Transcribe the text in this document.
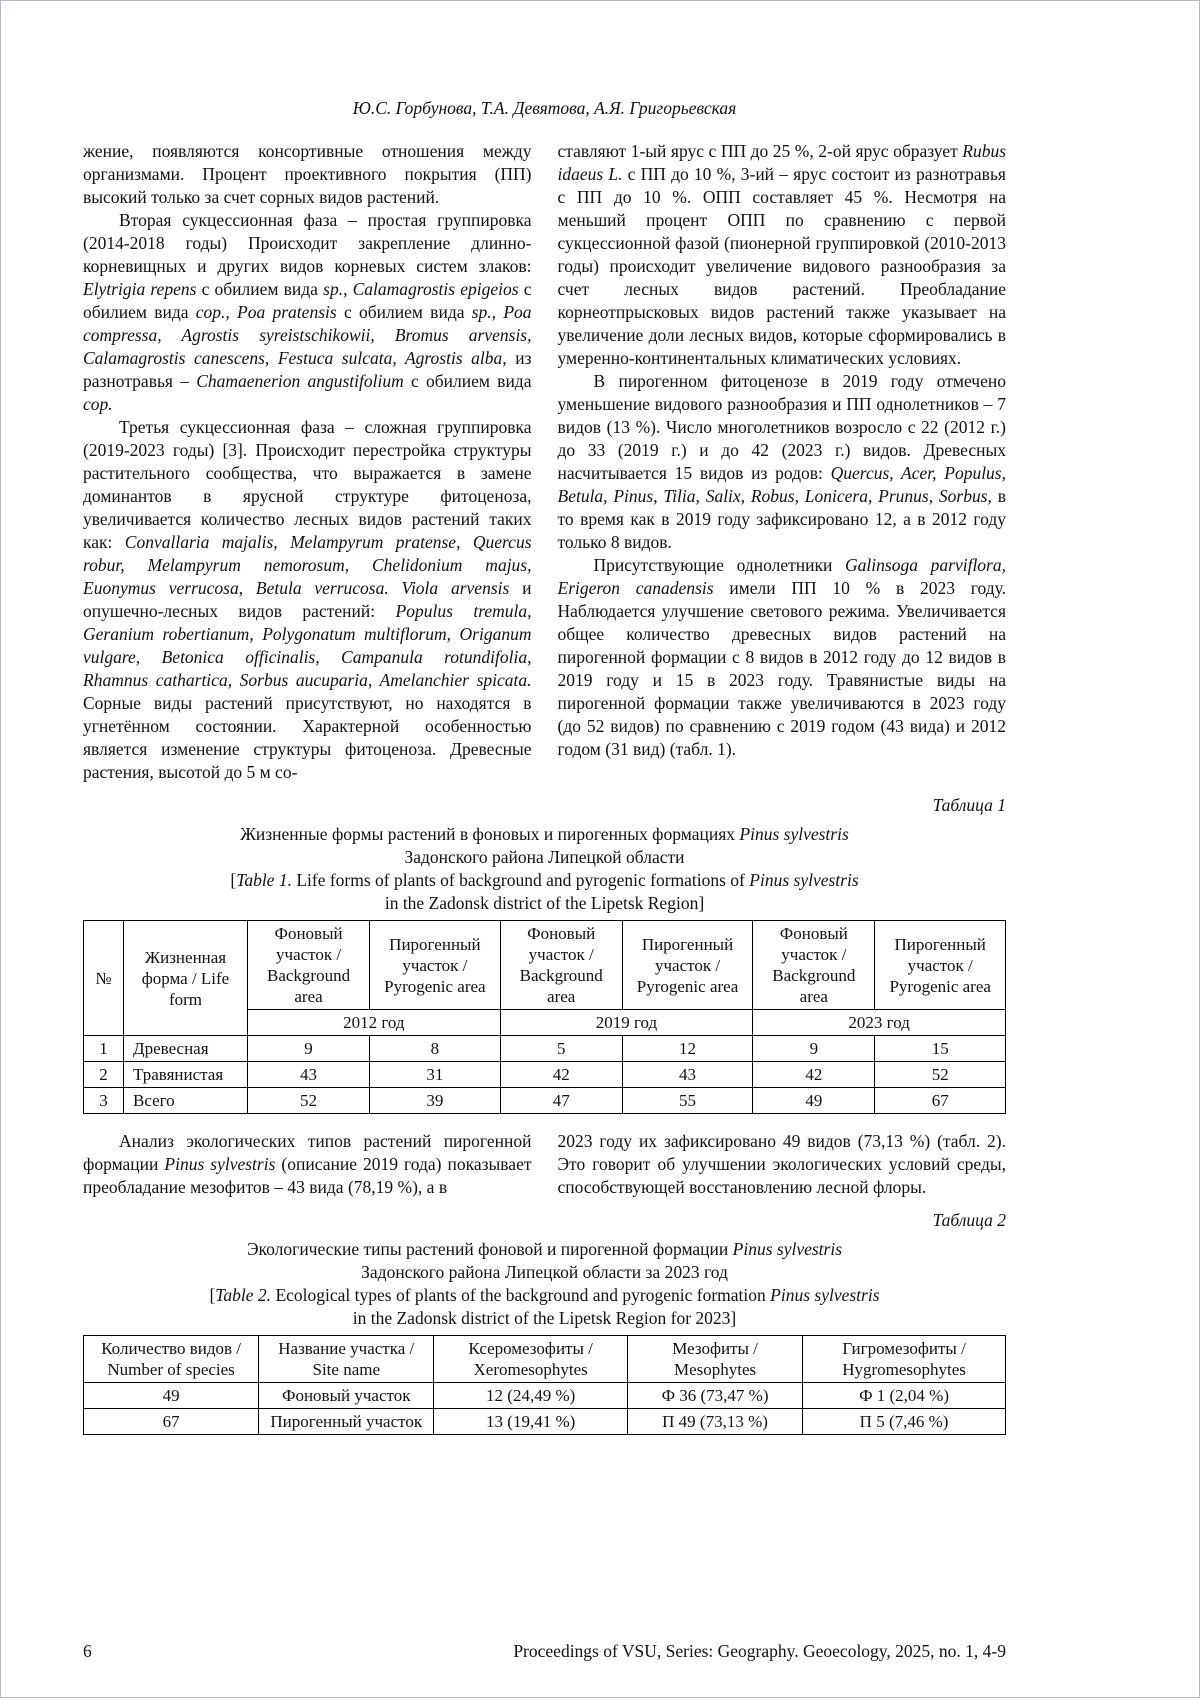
Ю.С. Горбунова, Т.А. Девятова, А.Я. Григорьевская

жение, появляются консортивные отношения между организмами. Процент проективного покрытия (ПП) высокий только за счет сорных видов растений.

Вторая сукцессионная фаза – простая группировка (2014-2018 годы) Происходит закрепление длинно-корневищных и других видов корневых систем злаков: Elytrigia repens с обилием вида sp., Calamagrostis epigeios с обилием вида cop., Poa pratensis с обилием вида sp., Poa compressa, Agrostis syreistschikowii, Bromus arvensis, Calamagrostis canescens, Festuca sulcata, Agrostis alba, из разнотравья – Chamaenerion angustifolium с обилием вида cop.

Третья сукцессионная фаза – сложная группировка (2019-2023 годы) [3]. Происходит перестройка структуры растительного сообщества, что выражается в замене доминантов в ярусной структуре фитоценоза, увеличивается количество лесных видов растений таких как: Convallaria majalis, Melampyrum pratense, Quercus robur, Melampyrum nemorosum, Chelidonium majus, Euonymus verrucosa, Betula verrucosa. Viola arvensis и опушечно-лесных видов растений: Populus tremula, Geranium robertianum, Polygonatum multiflorum, Origanum vulgare, Betonica officinalis, Campanula rotundifolia, Rhamnus cathartica, Sorbus aucuparia, Amelanchier spicata. Сорные виды растений присутствуют, но находятся в угнетённом состоянии. Характерной особенностью является изменение структуры фитоценоза. Древесные растения, высотой до 5 м со-

ставляют 1-ый ярус с ПП до 25 %, 2-ой ярус образует Rubus idaeus L. с ПП до 10 %, 3-ий – ярус состоит из разнотравья с ПП до 10 %. ОПП составляет 45 %. Несмотря на меньший процент ОПП по сравнению с первой сукцессионной фазой (пионерной группировкой (2010-2013 годы) происходит увеличение видового разнообразия за счет лесных видов растений. Преобладание корнеотпрысковых видов растений также указывает на увеличение доли лесных видов, которые сформировались в умеренно-континентальных климатических условиях.

В пирогенном фитоценозе в 2019 году отмечено уменьшение видового разнообразия и ПП однолетников – 7 видов (13 %). Число многолетников возросло с 22 (2012 г.) до 33 (2019 г.) и до 42 (2023 г.) видов. Древесных насчитывается 15 видов из родов: Quercus, Acer, Populus, Betula, Pinus, Tilia, Salix, Robus, Lonicera, Prunus, Sorbus, в то время как в 2019 году зафиксировано 12, а в 2012 году только 8 видов.

Присутствующие однолетники Galinsoga parviflora, Erigeron canadensis имели ПП 10 % в 2023 году. Наблюдается улучшение светового режима. Увеличивается общее количество древесных видов растений на пирогенной формации с 8 видов в 2012 году до 12 видов в 2019 году и 15 в 2023 году. Травянистые виды на пирогенной формации также увеличиваются в 2023 году (до 52 видов) по сравнению с 2019 годом (43 вида) и 2012 годом (31 вид) (табл. 1).

Таблица 1
Жизненные формы растений в фоновых и пирогенных формациях Pinus sylvestris
Задонского района Липецкой области
[Table 1. Life forms of plants of background and pyrogenic formations of Pinus sylvestris
in the Zadonsk district of the Lipetsk Region]
№	Жизненная форма / Life form	Фоновый участок / Background area	Пирогенный участок / Pyrogenic area	Фоновый участок / Background area	Пирогенный участок / Pyrogenic area	Фоновый участок / Background area	Пирогенный участок / Pyrogenic area
		2012 год		2019 год		2023 год	
1	Древесная	9	8	5	12	9	15
2	Травянистая	43	31	42	43	42	52
3	Всего	52	39	47	55	49	67

Анализ экологических типов растений пирогенной формации Pinus sylvestris (описание 2019 года) показывает преобладание мезофитов – 43 вида (78,19 %), а в

2023 году их зафиксировано 49 видов (73,13 %) (табл. 2). Это говорит об улучшении экологических условий среды, способствующей восстановлению лесной флоры.

Таблица 2
Экологические типы растений фоновой и пирогенной формации Pinus sylvestris
Задонского района Липецкой области за 2023 год
[Table 2. Ecological types of plants of the background and pyrogenic formation Pinus sylvestris
in the Zadonsk district of the Lipetsk Region for 2023]
Количество видов / Number of species	Название участка / Site name	Ксеромезофиты / Xeromesophytes	Мезофиты / Mesophytes	Гигромезофиты / Hygromesophytes
49	Фоновый участок	12 (24,49 %)	Ф 36 (73,47 %)	Ф 1 (2,04 %)
67	Пирогенный участок	13 (19,41 %)	П 49 (73,13 %)	П 5 (7,46 %)
6	Proceedings of VSU, Series: Geography. Geoecology, 2025, no. 1, 4-9
